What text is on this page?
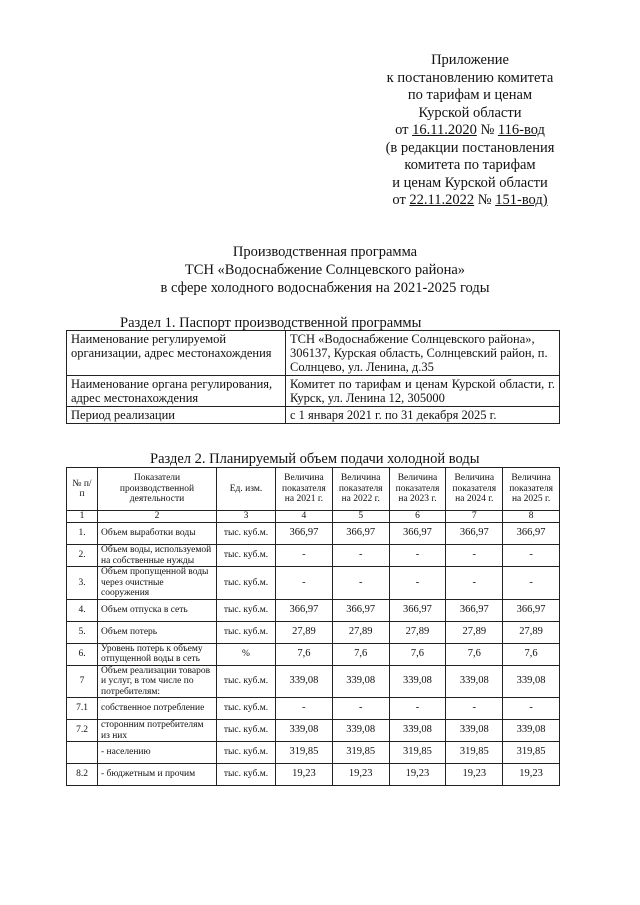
Приложение
к постановлению комитета
по тарифам и ценам
Курской области
от 16.11.2020 № 116-вод
(в редакции постановления
комитета по тарифам
и ценам Курской области
от 22.11.2022 № 151-вод)
Производственная программа
ТСН «Водоснабжение Солнцевского района»
в сфере холодного водоснабжения на 2021-2025 годы
Раздел 1. Паспорт производственной программы
Наименование регулируемой организации, адрес местонахождения	ТСН «Водоснабжение Солнцевского района», 306137, Курская область, Солнцевский район, п. Солнцево, ул. Ленина, д.35
Наименование органа регулирования, адрес местонахождения	Комитет по тарифам и ценам Курской области, г. Курск, ул. Ленина 12, 305000
Период реализации	с 1 января 2021 г. по 31 декабря 2025 г.
Раздел 2. Планируемый объем подачи холодной воды
№ п/п	Показатели производственной деятельности	Ед. изм.	Величина показателя на 2021 г.	Величина показателя на 2022 г.	Величина показателя на 2023 г.	Величина показателя на 2024 г.	Величина показателя на 2025 г.
1	2	3	4	5	6	7	8
1.	Объем выработки воды	тыс. куб.м.	366,97	366,97	366,97	366,97	366,97
2.	Объем воды, используемой на собственные нужды	тыс. куб.м.	-	-	-	-	-
3.	Объем пропущенной воды через очистные сооружения	тыс. куб.м.	-	-	-	-	-
4.	Объем отпуска в сеть	тыс. куб.м.	366,97	366,97	366,97	366,97	366,97
5.	Объем потерь	тыс. куб.м.	27,89	27,89	27,89	27,89	27,89
6.	Уровень потерь к объему отпущенной воды в сеть	%	7,6	7,6	7,6	7,6	7,6
7	Объем реализации товаров и услуг, в том числе по потребителям:	тыс. куб.м.	339,08	339,08	339,08	339,08	339,08
7.1	собственное потребление	тыс. куб.м.	-	-	-	-	-
7.2	сторонним потребителям из них	тыс. куб.м.	339,08	339,08	339,08	339,08	339,08
	- населению	тыс. куб.м.	319,85	319,85	319,85	319,85	319,85
8.2	- бюджетным и прочим	тыс. куб.м.	19,23	19,23	19,23	19,23	19,23
